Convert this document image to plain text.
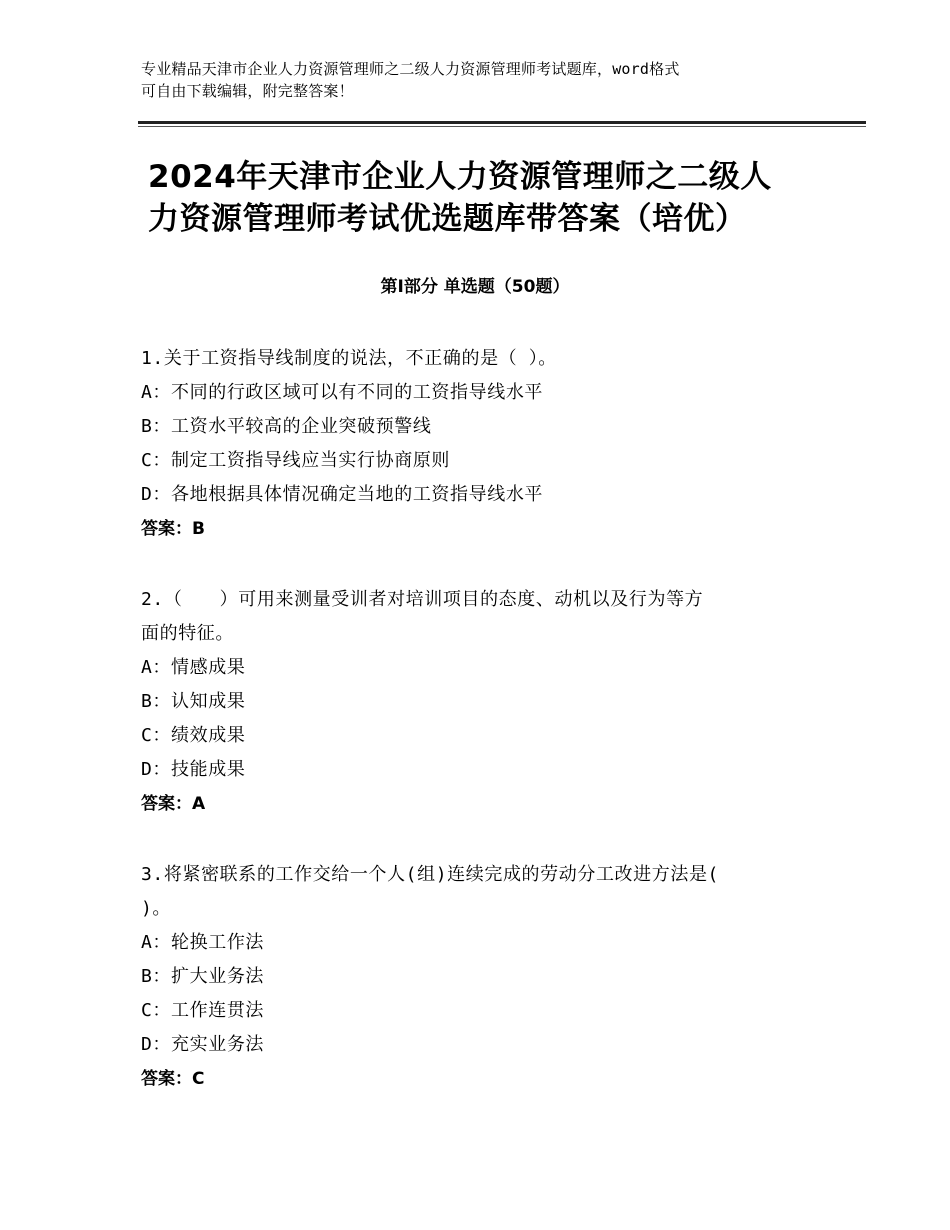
专业精品天津市企业人力资源管理师之二级人力资源管理师考试题库，word格式
可自由下载编辑，附完整答案！
2024年天津市企业人力资源管理师之二级人
力资源管理师考试优选题库带答案（培优）
第Ⅰ部分 单选题（50题）
1.关于工资指导线制度的说法，不正确的是（ ）。
A：不同的行政区域可以有不同的工资指导线水平
B：工资水平较高的企业突破预警线
C：制定工资指导线应当实行协商原则
D：各地根据具体情况确定当地的工资指导线水平
答案：B
2.（　　）可用来测量受训者对培训项目的态度、动机以及行为等方
面的特征。
A：情感成果
B：认知成果
C：绩效成果
D：技能成果
答案：A
3.将紧密联系的工作交给一个人(组)连续完成的劳动分工改进方法是(
)。
A：轮换工作法
B：扩大业务法
C：工作连贯法
D：充实业务法
答案：C
